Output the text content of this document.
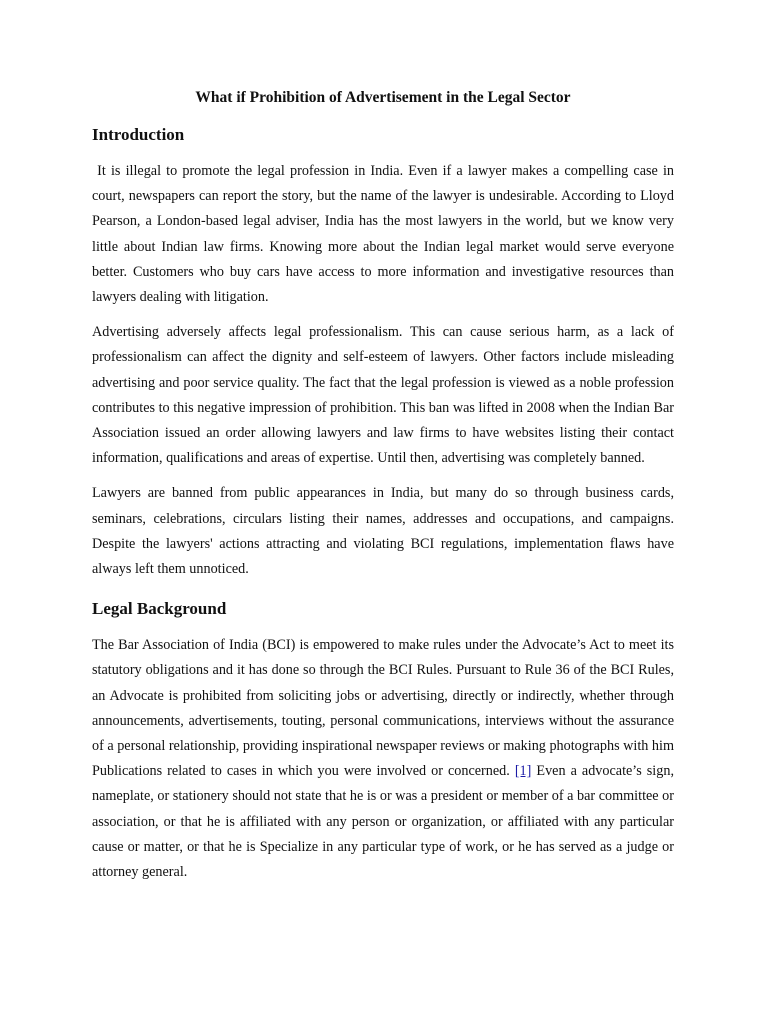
What if Prohibition of Advertisement in the Legal Sector
Introduction

It is illegal to promote the legal profession in India. Even if a lawyer makes a compelling case in court, newspapers can report the story, but the name of the lawyer is undesirable. According to Lloyd Pearson, a London-based legal adviser, India has the most lawyers in the world, but we know very little about Indian law firms. Knowing more about the Indian legal market would serve everyone better. Customers who buy cars have access to more information and investigative resources than lawyers dealing with litigation.

Advertising adversely affects legal professionalism. This can cause serious harm, as a lack of professionalism can affect the dignity and self-esteem of lawyers. Other factors include misleading advertising and poor service quality. The fact that the legal profession is viewed as a noble profession contributes to this negative impression of prohibition. This ban was lifted in 2008 when the Indian Bar Association issued an order allowing lawyers and law firms to have websites listing their contact information, qualifications and areas of expertise. Until then, advertising was completely banned.

Lawyers are banned from public appearances in India, but many do so through business cards, seminars, celebrations, circulars listing their names, addresses and occupations, and campaigns. Despite the lawyers' actions attracting and violating BCI regulations, implementation flaws have always left them unnoticed.

Legal Background

The Bar Association of India (BCI) is empowered to make rules under the Advocate’s Act to meet its statutory obligations and it has done so through the BCI Rules. Pursuant to Rule 36 of the BCI Rules, an Advocate is prohibited from soliciting jobs or advertising, directly or indirectly, whether through announcements, advertisements, touting, personal communications, interviews without the assurance of a personal relationship, providing inspirational newspaper reviews or making photographs with him Publications related to cases in which you were involved or concerned. [1] Even a advocate’s sign, nameplate, or stationery should not state that he is or was a president or member of a bar committee or association, or that he is affiliated with any person or organization, or affiliated with any particular cause or matter, or that he is Specialize in any particular type of work, or he has served as a judge or attorney general.
